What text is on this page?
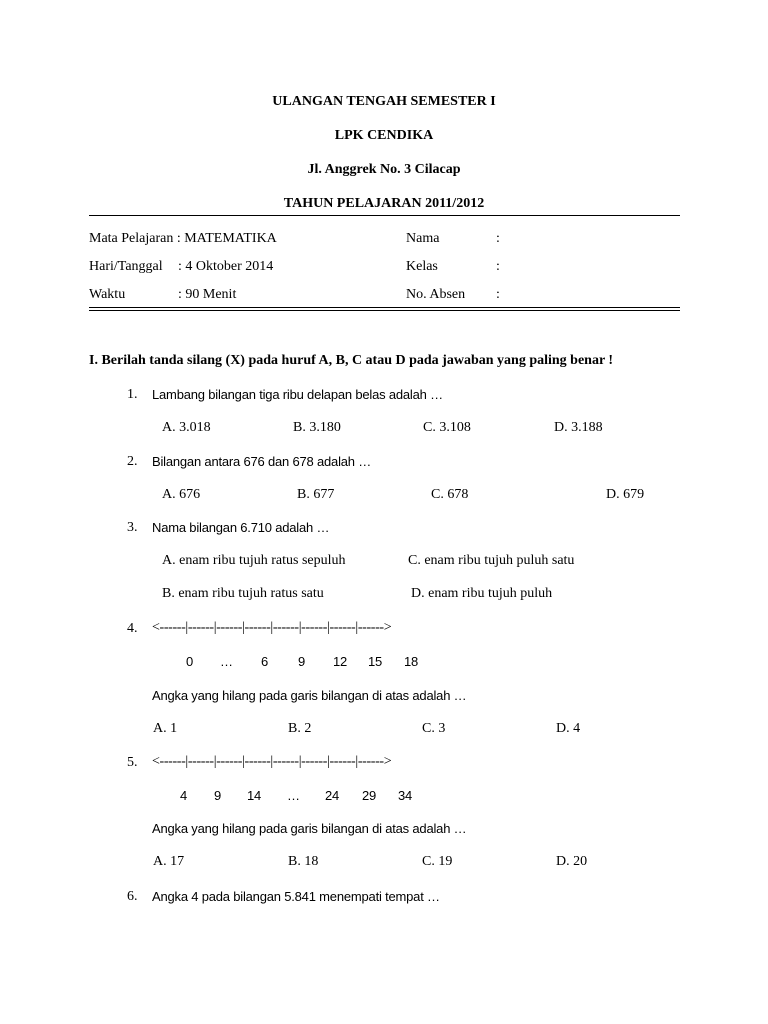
ULANGAN TENGAH SEMESTER I
LPK CENDIKA
Jl. Anggrek No. 3 Cilacap
TAHUN PELAJARAN 2011/2012
Mata Pelajaran : MATEMATIKA
Hari/Tanggal : 4 Oktober 2014
Waktu	: 90 Menit
Nama	:
Kelas	:
No. Absen :
I. Berilah tanda silang (X) pada huruf A, B, C atau D pada jawaban yang paling benar !
1. Lambang bilangan tiga ribu delapan belas adalah …
A. 3.018	B. 3.180	C. 3.108	D. 3.188
2. Bilangan antara 676 dan 678 adalah …
A. 676	B. 677	C. 678	D. 679
3. Nama bilangan 6.710 adalah …
A. enam ribu tujuh ratus sepuluh	C. enam ribu tujuh puluh satu
B. enam ribu tujuh ratus satu	D. enam ribu tujuh puluh
4. <------|------|------|------|------|------|------|------>
0 … 6 9 12 15 18
Angka yang hilang pada garis bilangan di atas adalah …
A. 1	B. 2	C. 3	D. 4
5. <------|------|------|------|------|------|------|------>
4 9 14 … 24 29 34
Angka yang hilang pada garis bilangan di atas adalah …
A. 17	B. 18	C. 19	D. 20
6. Angka 4 pada bilangan 5.841 menempati tempat …
